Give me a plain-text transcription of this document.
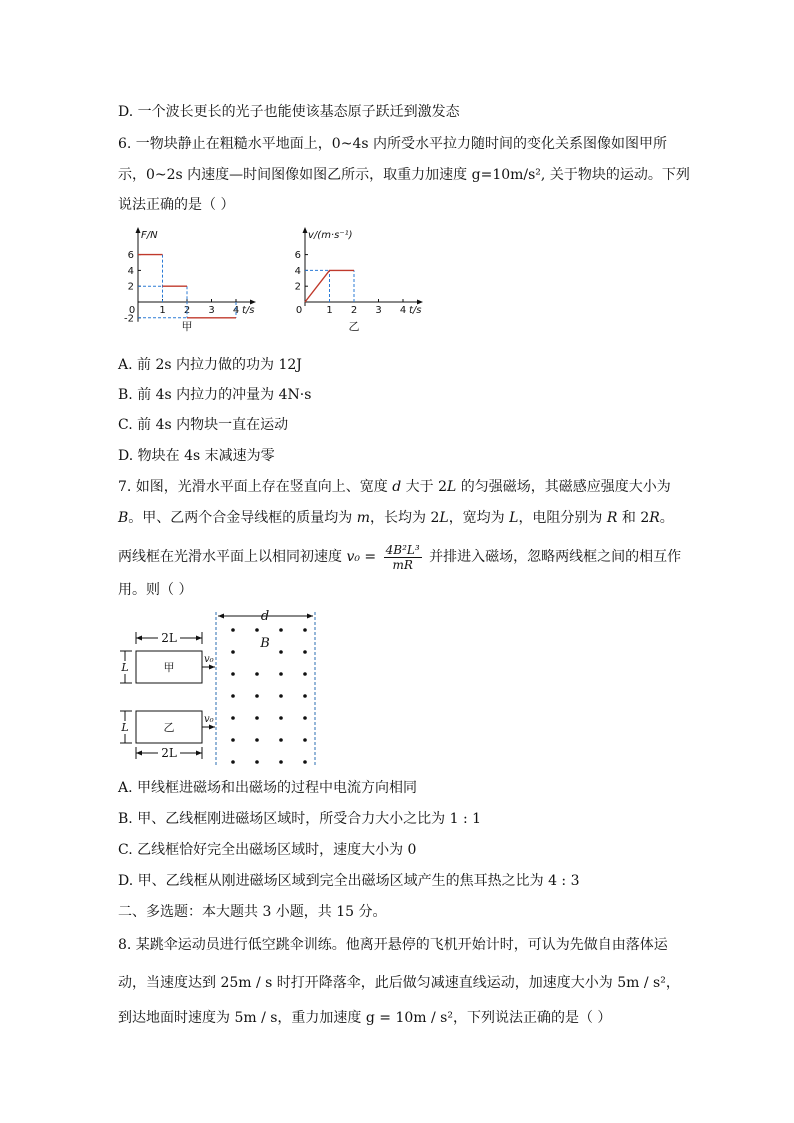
D. 一个波长更长的光子也能使该基态原子跃迁到激发态
6. 一物块静止在粗糙水平地面上，0~4s 内所受水平拉力随时间的变化关系图像如图甲所
示，0~2s 内速度—时间图像如图乙所示，取重力加速度 g=10m/s², 关于物块的运动。下列
说法正确的是（ ）
F/N
t/s
0 1 2 3 4
-2
2
4
6
甲
v/(m·s⁻¹)
t/s
0 1 2 3 4
2
4
6
乙
A. 前 2s 内拉力做的功为 12J
B. 前 4s 内拉力的冲量为 4N·s
C. 前 4s 内物块一直在运动
D. 物块在 4s 末减速为零
7. 如图，光滑水平面上存在竖直向上、宽度 d 大于 2L 的匀强磁场，其磁感应强度大小为
B。甲、乙两个合金导线框的质量均为 m，长均为 2L，宽均为 L，电阻分别为 R 和 2R。
两线框在光滑水平面上以相同初速度 $v_0 = \frac{\text{4B²L³}}{mR}$ 并排进入磁场，忽略两线框之间的相互作
用。则（ ）
d
B
2L
甲
v₀
L
乙
v₀
L
2L
A. 甲线框进磁场和出磁场的过程中电流方向相同
B. 甲、乙线框刚进磁场区域时，所受合力大小之比为 1 : 1
C. 乙线框恰好完全出磁场区域时，速度大小为 0
D. 甲、乙线框从刚进磁场区域到完全出磁场区域产生的焦耳热之比为 4 : 3
二、多选题：本大题共 3 小题，共 15 分。
8. 某跳伞运动员进行低空跳伞训练。他离开悬停的飞机开始计时，可认为先做自由落体运
动，当速度达到 25m / s 时打开降落伞，此后做匀减速直线运动，加速度大小为 5m / s²，
到达地面时速度为 5m / s，重力加速度 g = 10m / s²，下列说法正确的是（ ）
